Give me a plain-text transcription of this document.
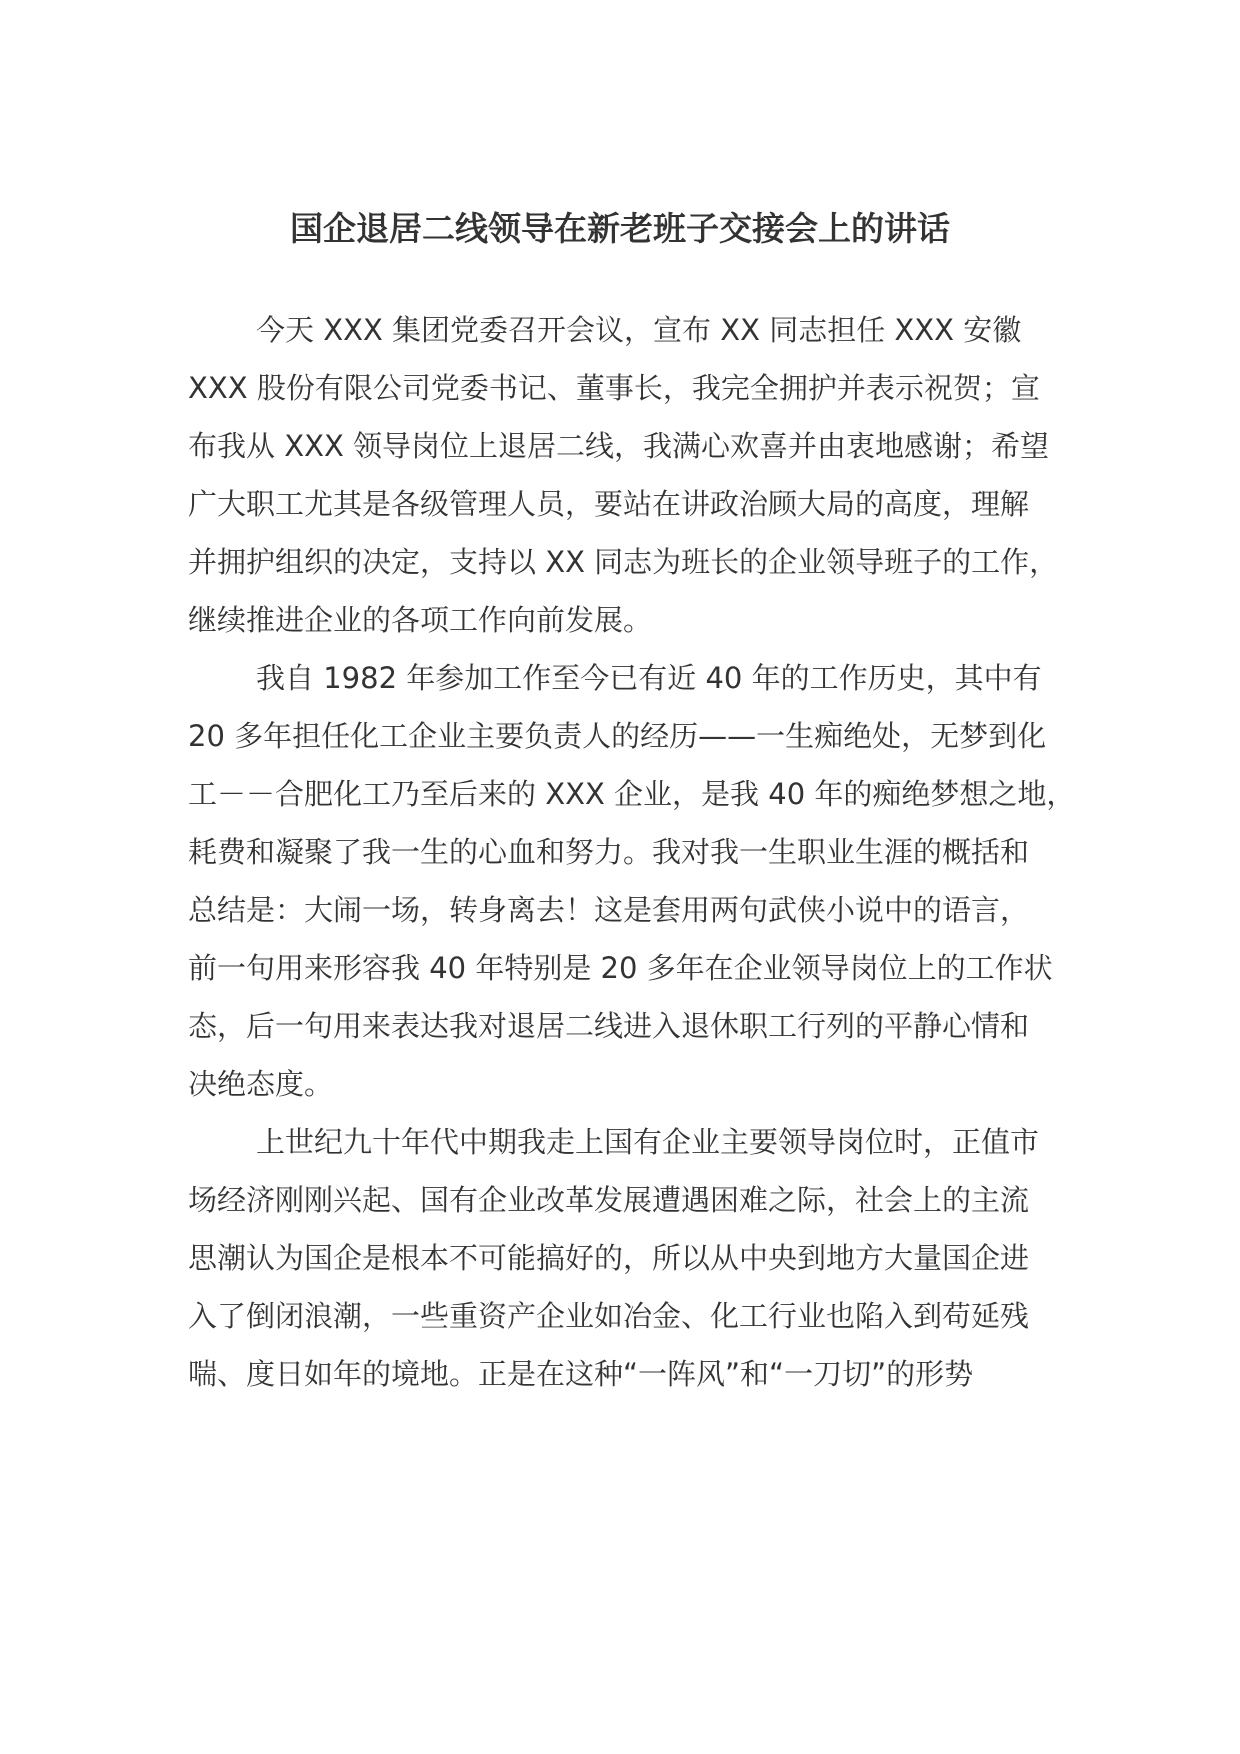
国企退居二线领导在新老班子交接会上的讲话

今天 XXX 集团党委召开会议，宣布 XX 同志担任 XXX 安徽

XXX 股份有限公司党委书记、董事长，我完全拥护并表示祝贺；宣

布我从 XXX 领导岗位上退居二线，我满心欢喜并由衷地感谢；希望

广大职工尤其是各级管理人员，要站在讲政治顾大局的高度，理解

并拥护组织的决定，支持以 XX 同志为班长的企业领导班子的工作，

继续推进企业的各项工作向前发展。

我自 1982 年参加工作至今已有近 40 年的工作历史，其中有

20 多年担任化工企业主要负责人的经历——一生痴绝处，无梦到化

工－－合肥化工乃至后来的 XXX 企业，是我 40 年的痴绝梦想之地，

耗费和凝聚了我一生的心血和努力。我对我一生职业生涯的概括和

总结是：大闹一场，转身离去！这是套用两句武侠小说中的语言，

前一句用来形容我 40 年特别是 20 多年在企业领导岗位上的工作状

态，后一句用来表达我对退居二线进入退休职工行列的平静心情和

决绝态度。

上世纪九十年代中期我走上国有企业主要领导岗位时，正值市

场经济刚刚兴起、国有企业改革发展遭遇困难之际，社会上的主流

思潮认为国企是根本不可能搞好的，所以从中央到地方大量国企进

入了倒闭浪潮，一些重资产企业如冶金、化工行业也陷入到苟延残

喘、度日如年的境地。正是在这种“一阵风”和“一刀切”的形势
